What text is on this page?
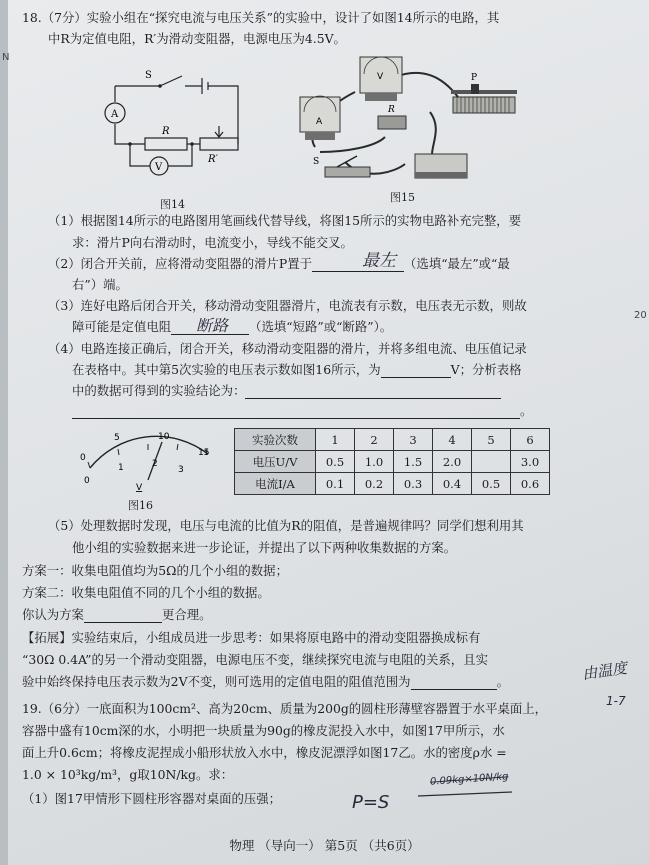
N
20
18.（7分）实验小组在“探究电流与电压关系”的实验中，设计了如图14所示的电路，其
中R为定值电阻，R′为滑动变阻器，电源电压为4.5V。
S
A
V
R
R′
图14
A
V
R
P
S
图15
（1）根据图14所示的电路图用笔画线代替导线，将图15所示的实物电路补充完整，要
求：滑片P向右滑动时，电流变小，导线不能交叉。
（2）闭合开关前，应将滑动变阻器的滑片P置于	（选填“最左”或“最
最左
右”）端。
（3）连好电路后闭合开关，移动滑动变阻器滑片，电流表有示数，电压表无示数，则故
障可能是定值电阻	（选填“短路”或“断路”）。
断路
（4）电路连接正确后，闭合开关，移动滑动变阻器的滑片，并将多组电流、电压值记录
在表格中。其中第5次实验的电压表示数如图16所示，为	V；分析表格
中的数据可得到的实验结论为：
。
0
1	2
3
0
5	10
15
V
图16
实验次数	1	2	3	4	5	6
电压U/V	0.5	1.0	1.5	2.0		3.0
电流I/A	0.1	0.2	0.3	0.4	0.5	0.6
（5）处理数据时发现，电压与电流的比值为R的阻值，是普遍规律吗？同学们想利用其
他小组的实验数据来进一步论证，并提出了以下两种收集数据的方案。
方案一：收集电阻值均为5Ω的几个小组的数据；
方案二：收集电阻值不同的几个小组的数据。
你认为方案	更合理。
【拓展】实验结束后，小组成员进一步思考：如果将原电路中的滑动变阻器换成标有
“30Ω 0.4A”的另一个滑动变阻器，电源电压不变，继续探究电流与电阻的关系，且实
验中始终保持电压表示数为2V不变，则可选用的定值电阻的阻值范围为	。	由温度
1-7
19.（6分）一底面积为100cm²、高为20cm、质量为200g的圆柱形薄壁容器置于水平桌面上，
容器中盛有10cm深的水，小明把一块质量为90g的橡皮泥投入水中，如图17甲所示，水
面上升0.6cm；将橡皮泥捏成小船形状放入水中，橡皮泥漂浮如图17乙。水的密度ρ水 =
1.0 × 10³kg/m³，g取10N/kg。求：
（1）图17甲情形下圆柱形容器对桌面的压强；	P=S
0.09kg×10N/kg
物理 （导向一） 第5页 （共6页）
